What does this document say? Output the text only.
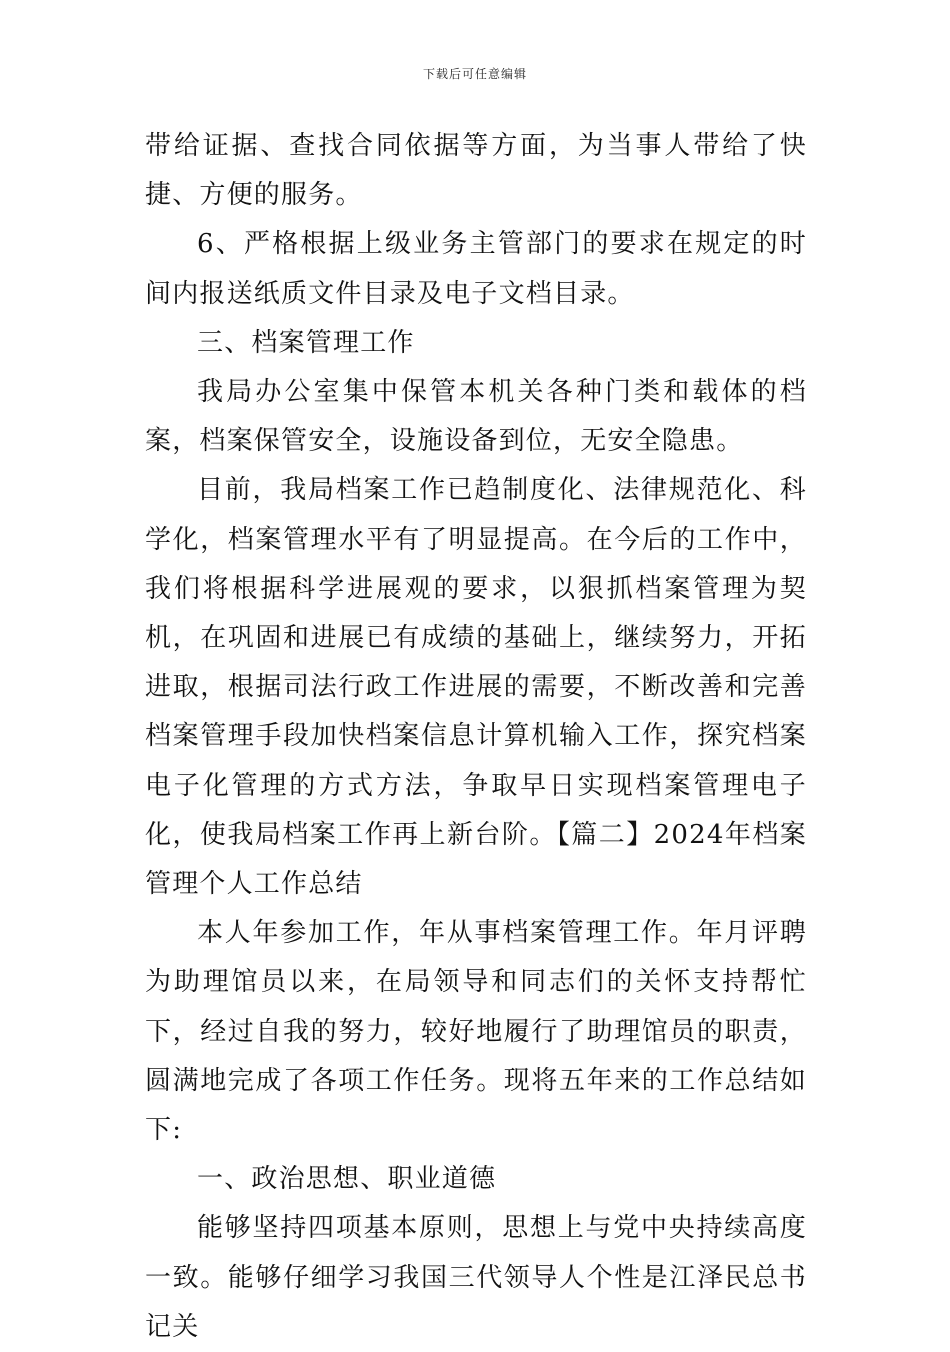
下载后可任意编辑

带给证据、查找合同依据等方面，为当事人带给了快捷、方便的服务。

6、严格根据上级业务主管部门的要求在规定的时间内报送纸质文件目录及电子文档目录。

三、档案管理工作

我局办公室集中保管本机关各种门类和载体的档案，档案保管安全，设施设备到位，无安全隐患。

目前，我局档案工作已趋制度化、法律规范化、科学化，档案管理水平有了明显提高。在今后的工作中，我们将根据科学进展观的要求，以狠抓档案管理为契机，在巩固和进展已有成绩的基础上，继续努力，开拓进取，根据司法行政工作进展的需要，不断改善和完善档案管理手段加快档案信息计算机输入工作，探究档案电子化管理的方式方法，争取早日实现档案管理电子化，使我局档案工作再上新台阶。【篇二】2024年档案管理个人工作总结

本人年参加工作，年从事档案管理工作。年月评聘为助理馆员以来，在局领导和同志们的关怀支持帮忙下，经过自我的努力，较好地履行了助理馆员的职责，圆满地完成了各项工作任务。现将五年来的工作总结如下:

一、政治思想、职业道德

能够坚持四项基本原则，思想上与党中央持续高度一致。能够仔细学习我国三代领导人个性是江泽民总书记关
